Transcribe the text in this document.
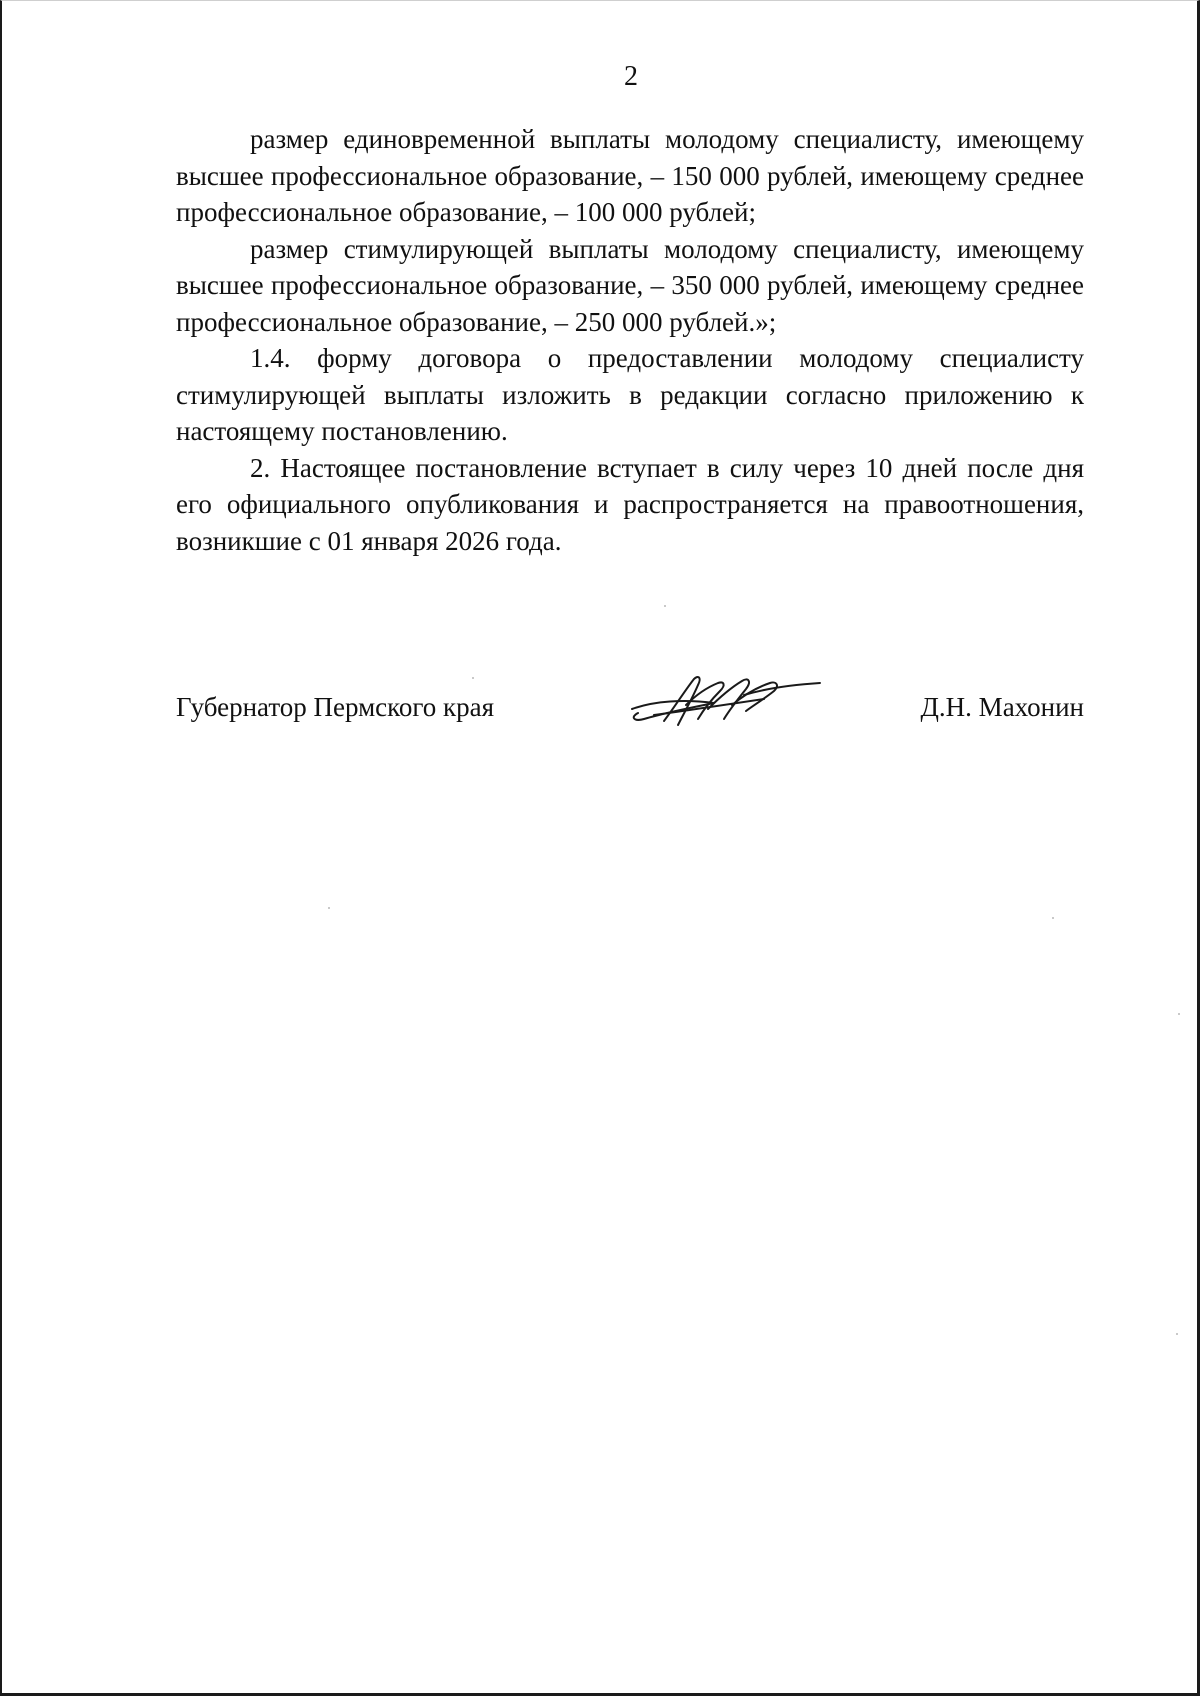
2

размер единовременной выплаты молодому специалисту, имеющему высшее профессиональное образование, – 150 000 рублей, имеющему среднее профессиональное образование, – 100 000 рублей;

размер стимулирующей выплаты молодому специалисту, имеющему высшее профессиональное образование, – 350 000 рублей, имеющему среднее профессиональное образование, – 250 000 рублей.»;

1.4. форму договора о предоставлении молодому специалисту стимулирующей выплаты изложить в редакции согласно приложению к настоящему постановлению.

2. Настоящее постановление вступает в силу через 10 дней после дня его официального опубликования и распространяется на правоотношения, возникшие с 01 января 2026 года.

Губернатор Пермского края	Д.Н. Махонин
